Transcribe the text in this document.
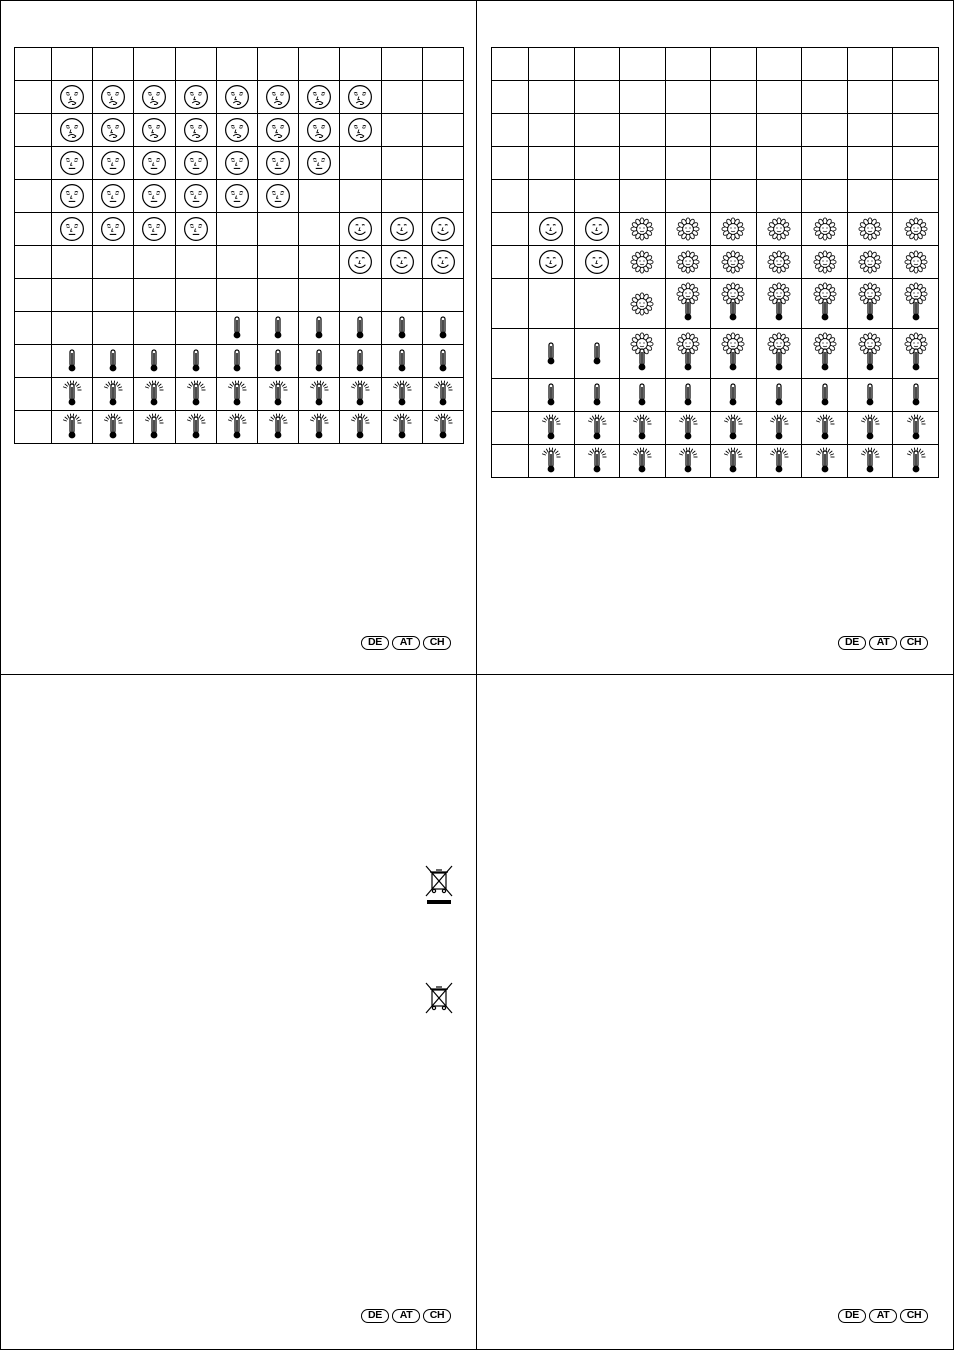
DE	AT	CH

		DE	AT	CH
DE	AT	CH	DE	AT	CH
